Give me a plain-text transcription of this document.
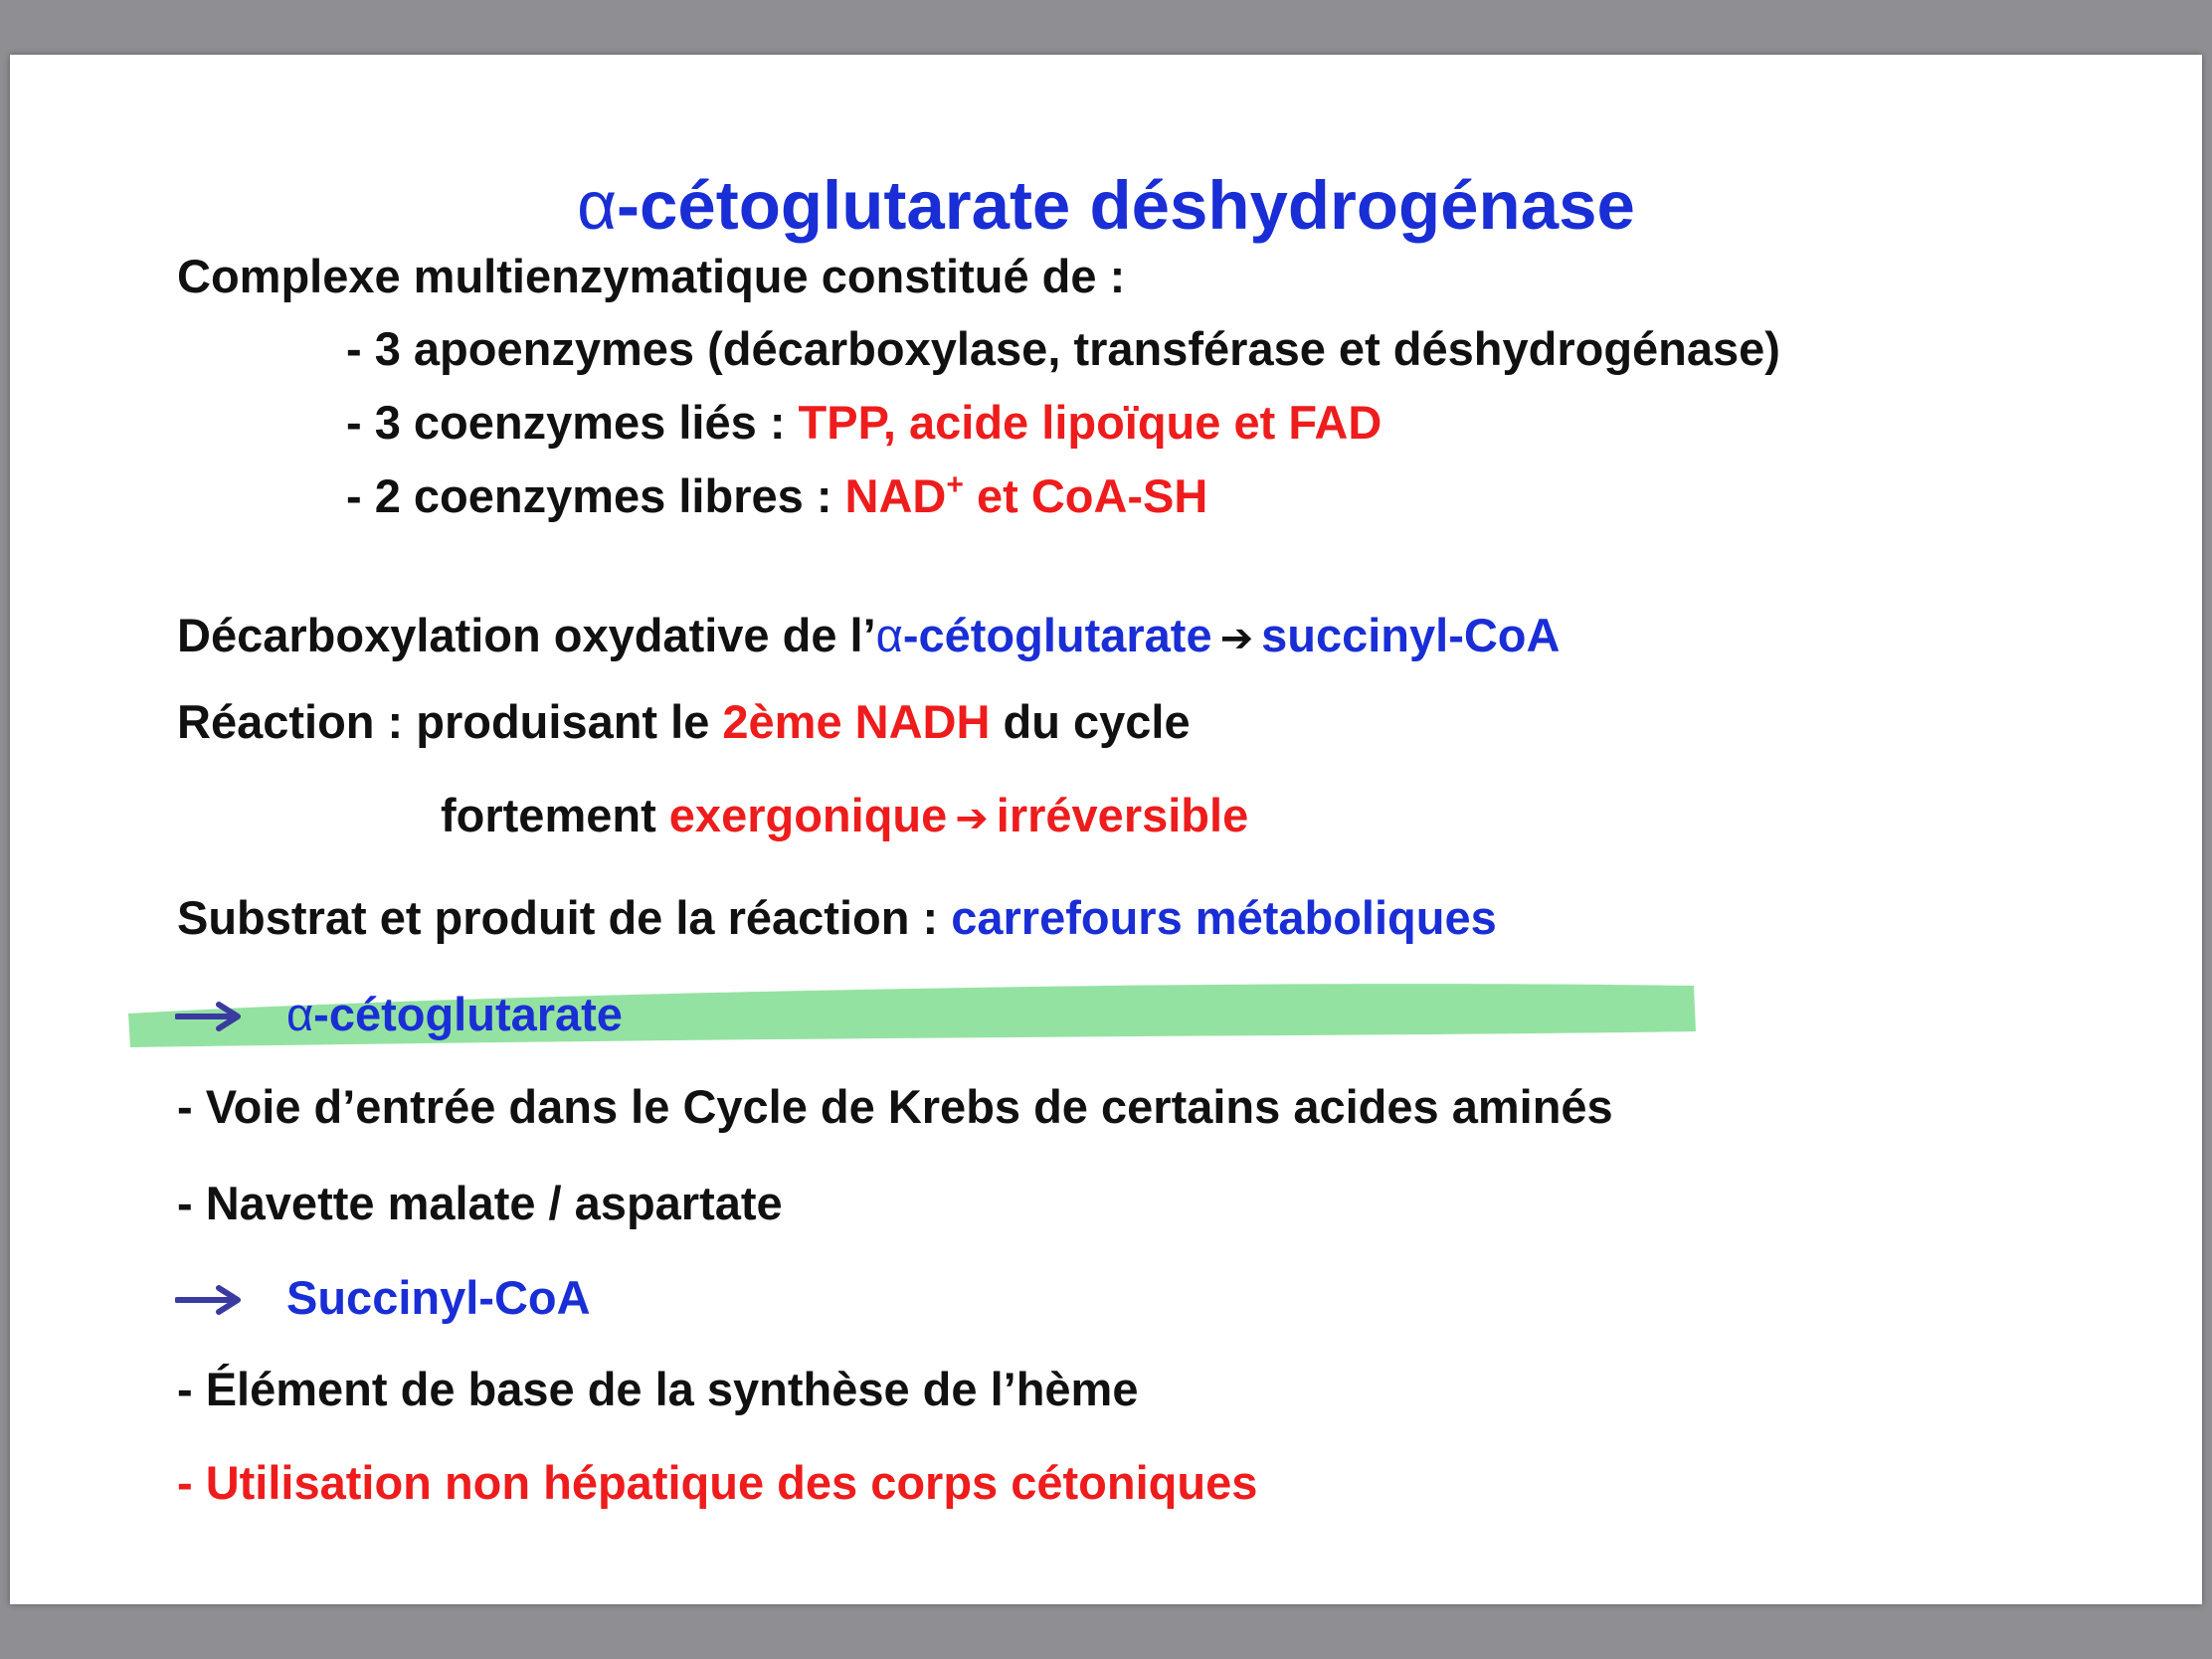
α-cétoglutarate déshydrogénase
Complexe multienzymatique constitué de :
- 3 apoenzymes (décarboxylase, transférase et déshydrogénase)
- 3 coenzymes liés : TPP, acide lipoïque et FAD
- 2 coenzymes libres : NAD+ et CoA-SH
Décarboxylation oxydative de l’α-cétoglutarate ➔ succinyl-CoA
Réaction : produisant le 2ème NADH du cycle
fortement exergonique ➔ irréversible
Substrat et produit de la réaction : carrefours métaboliques
α-cétoglutarate
- Voie d’entrée dans le Cycle de Krebs de certains acides aminés
- Navette malate / aspartate
Succinyl-CoA
- Élément de base de la synthèse de l’hème
- Utilisation non hépatique des corps cétoniques
